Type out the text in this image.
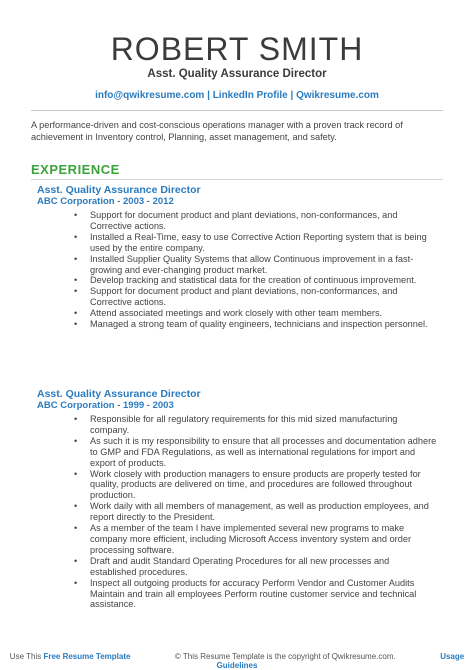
ROBERT SMITH
Asst. Quality Assurance Director
info@qwikresume.com | LinkedIn Profile | Qwikresume.com
A performance-driven and cost-conscious operations manager with a proven track record of achievement in Inventory control, Planning, asset management, and safety.
EXPERIENCE
Asst. Quality Assurance Director
ABC Corporation - 2003 - 2012
• Support for document product and plant deviations, non-conformances, and Corrective actions.
• Installed a Real-Time, easy to use Corrective Action Reporting system that is being used by the entire company.
• Installed Supplier Quality Systems that allow Continuous improvement in a fast-growing and ever-changing product market.
• Develop tracking and statistical data for the creation of continuous improvement.
• Support for document product and plant deviations, non-conformances, and Corrective actions.
• Attend associated meetings and work closely with other team members.
• Managed a strong team of quality engineers, technicians and inspection personnel.
Asst. Quality Assurance Director
ABC Corporation - 1999 - 2003
• Responsible for all regulatory requirements for this mid sized manufacturing company.
• As such it is my responsibility to ensure that all processes and documentation adhere to GMP and FDA Regulations, as well as international regulations for import and export of products.
• Work closely with production managers to ensure products are properly tested for quality, products are delivered on time, and procedures are followed throughout production.
• Work daily with all members of management, as well as production employees, and report directly to the President.
• As a member of the team I have implemented several new programs to make company more efficient, including Microsoft Access inventory system and order processing software.
• Draft and audit Standard Operating Procedures for all new processes and established procedures.
• Inspect all outgoing products for accuracy Perform Vendor and Customer Audits Maintain and train all employees Perform routine customer service and technical assistance.
Use This Free Resume Template	© This Resume Template is the copyright of Qwikresume.com.	Usage Guidelines
